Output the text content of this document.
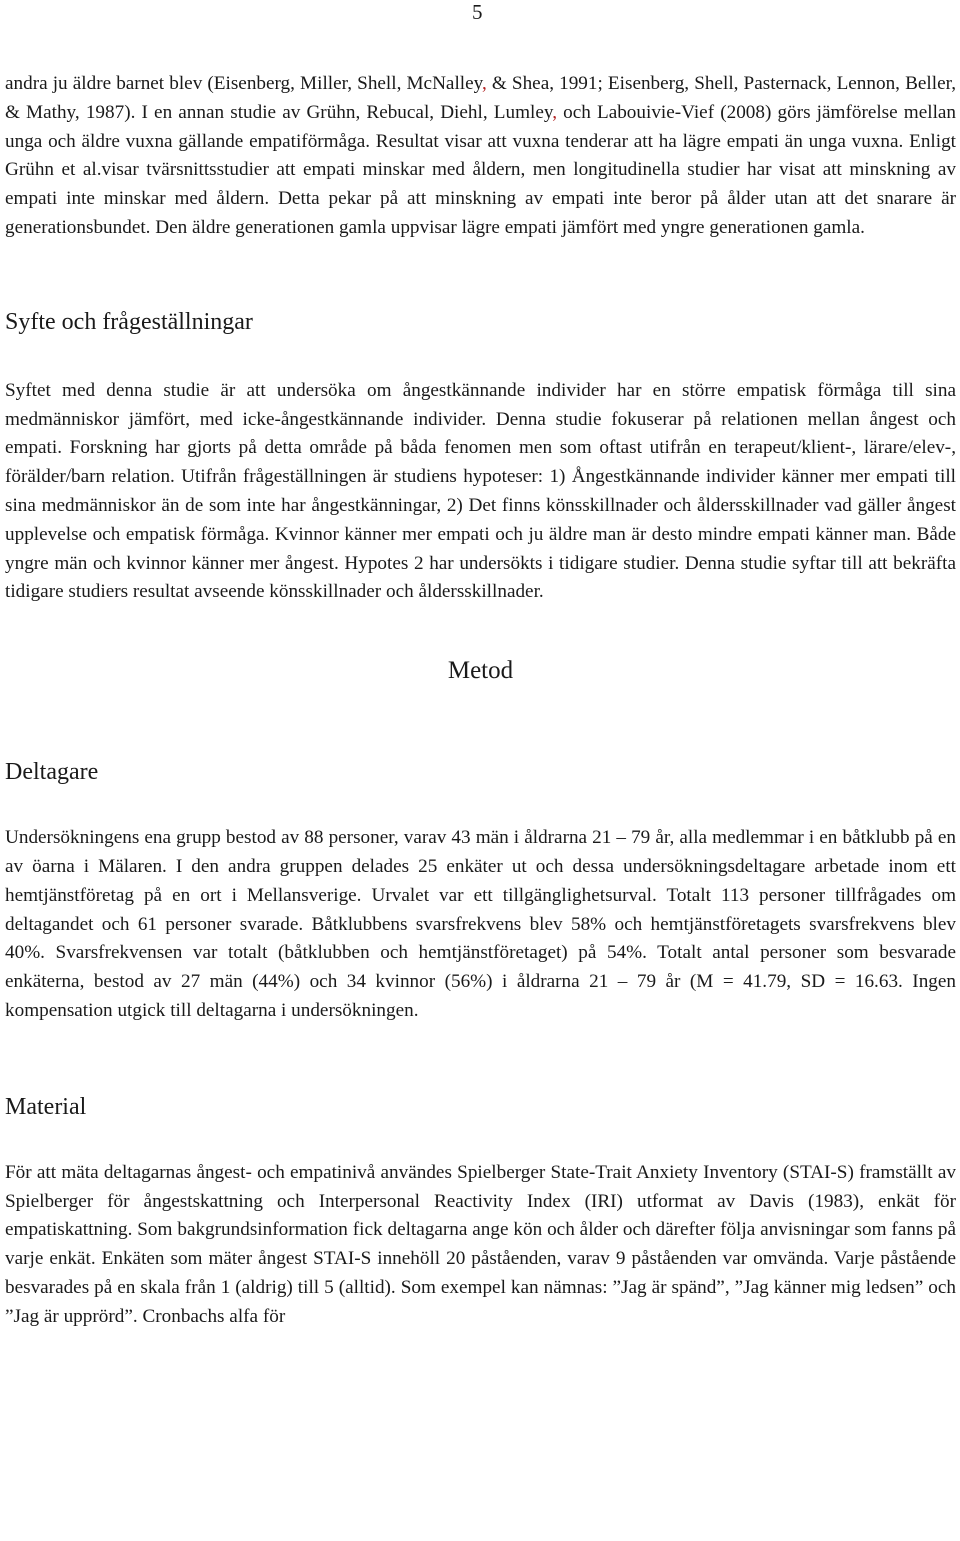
5

andra ju äldre barnet blev (Eisenberg, Miller, Shell, McNalley, & Shea, 1991; Eisenberg, Shell, Pasternack, Lennon, Beller, & Mathy, 1987). I en annan studie av Grühn, Rebucal, Diehl, Lumley, och Labouivie-Vief (2008) görs jämförelse mellan unga och äldre vuxna gällande empatiförmåga. Resultat visar att vuxna tenderar att ha lägre empati än unga vuxna. Enligt Grühn et al.visar tvärsnittsstudier att empati minskar med åldern, men longitudinella studier har visat att minskning av empati inte minskar med åldern. Detta pekar på att minskning av empati inte beror på ålder utan att det snarare är generationsbundet. Den äldre generationen gamla uppvisar lägre empati jämfört med yngre generationen gamla.

Syfte och frågeställningar

Syftet med denna studie är att undersöka om ångestkännande individer har en större empatisk förmåga till sina medmänniskor jämfört, med icke-ångestkännande individer. Denna studie fokuserar på relationen mellan ångest och empati. Forskning har gjorts på detta område på båda fenomen men som oftast utifrån en terapeut/klient-, lärare/elev-, förälder/barn relation. Utifrån frågeställningen är studiens hypoteser: 1) Ångestkännande individer känner mer empati till sina medmänniskor än de som inte har ångestkänningar, 2) Det finns könsskillnader och åldersskillnader vad gäller ångest upplevelse och empatisk förmåga. Kvinnor känner mer empati och ju äldre man är desto mindre empati känner man. Både yngre män och kvinnor känner mer ångest. Hypotes 2 har undersökts i tidigare studier. Denna studie syftar till att bekräfta tidigare studiers resultat avseende könsskillnader och åldersskillnader.

Metod
Deltagare

Undersökningens ena grupp bestod av 88 personer, varav 43 män i åldrarna 21 – 79 år, alla medlemmar i en båtklubb på en av öarna i Mälaren. I den andra gruppen delades 25 enkäter ut och dessa undersökningsdeltagare arbetade inom ett hemtjänstföretag på en ort i Mellansverige. Urvalet var ett tillgänglighetsurval. Totalt 113 personer tillfrågades om deltagandet och 61 personer svarade. Båtklubbens svarsfrekvens blev 58% och hemtjänstföretagets svarsfrekvens blev 40%. Svarsfrekvensen var totalt (båtklubben och hemtjänstföretaget) på 54%. Totalt antal personer som besvarade enkäterna, bestod av 27 män (44%) och 34 kvinnor (56%) i åldrarna 21 – 79 år (M = 41.79, SD = 16.63. Ingen kompensation utgick till deltagarna i undersökningen.

Material

För att mäta deltagarnas ångest- och empatinivå användes Spielberger State-Trait Anxiety Inventory (STAI-S) framställt av Spielberger för ångestskattning och Interpersonal Reactivity Index (IRI) utformat av Davis (1983), enkät för empatiskattning. Som bakgrundsinformation fick deltagarna ange kön och ålder och därefter följa anvisningar som fanns på varje enkät. Enkäten som mäter ångest STAI-S innehöll 20 påståenden, varav 9 påståenden var omvända. Varje påstående besvarades på en skala från 1 (aldrig) till 5 (alltid). Som exempel kan nämnas: ”Jag är spänd”, ”Jag känner mig ledsen” och ”Jag är upprörd”. Cronbachs alfa för
